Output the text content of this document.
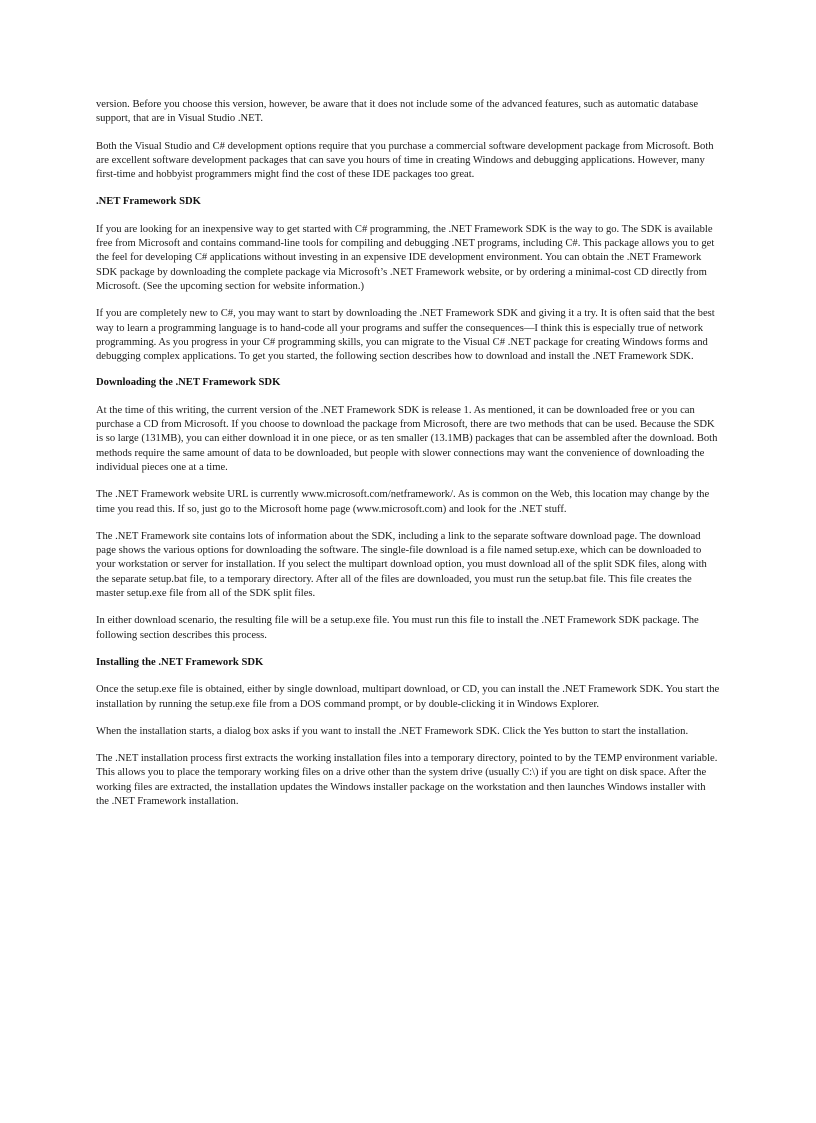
version. Before you choose this version, however, be aware that it does not include some of the advanced features, such as automatic database support, that are in Visual Studio .NET.

Both the Visual Studio and C# development options require that you purchase a commercial software development package from Microsoft. Both are excellent software development packages that can save you hours of time in creating Windows and debugging applications. However, many first-time and hobbyist programmers might find the cost of these IDE packages too great.

.NET Framework SDK

If you are looking for an inexpensive way to get started with C# programming, the .NET Framework SDK is the way to go. The SDK is available free from Microsoft and contains command-line tools for compiling and debugging .NET programs, including C#. This package allows you to get the feel for developing C# applications without investing in an expensive IDE development environment. You can obtain the .NET Framework SDK package by downloading the complete package via Microsoft’s .NET Framework website, or by ordering a minimal-cost CD directly from Microsoft. (See the upcoming section for website information.)

If you are completely new to C#, you may want to start by downloading the .NET Framework SDK and giving it a try. It is often said that the best way to learn a programming language is to hand-code all your programs and suffer the consequences—I think this is especially true of network programming. As you progress in your C# programming skills, you can migrate to the Visual C# .NET package for creating Windows forms and debugging complex applications. To get you started, the following section describes how to download and install the .NET Framework SDK.

Downloading the .NET Framework SDK

At the time of this writing, the current version of the .NET Framework SDK is release 1. As mentioned, it can be downloaded free or you can purchase a CD from Microsoft. If you choose to download the package from Microsoft, there are two methods that can be used. Because the SDK is so large (131MB), you can either download it in one piece, or as ten smaller (13.1MB) packages that can be assembled after the download. Both methods require the same amount of data to be downloaded, but people with slower connections may want the convenience of downloading the individual pieces one at a time.

The .NET Framework website URL is currently www.microsoft.com/netframework/. As is common on the Web, this location may change by the time you read this. If so, just go to the Microsoft home page (www.microsoft.com) and look for the .NET stuff.

The .NET Framework site contains lots of information about the SDK, including a link to the separate software download page. The download page shows the various options for downloading the software. The single-file download is a file named setup.exe, which can be downloaded to your workstation or server for installation. If you select the multipart download option, you must download all of the split SDK files, along with the separate setup.bat file, to a temporary directory. After all of the files are downloaded, you must run the setup.bat file. This file creates the master setup.exe file from all of the SDK split files.

In either download scenario, the resulting file will be a setup.exe file. You must run this file to install the .NET Framework SDK package. The following section describes this process.

Installing the .NET Framework SDK

Once the setup.exe file is obtained, either by single download, multipart download, or CD, you can install the .NET Framework SDK. You start the installation by running the setup.exe file from a DOS command prompt, or by double-clicking it in Windows Explorer.

When the installation starts, a dialog box asks if you want to install the .NET Framework SDK. Click the Yes button to start the installation.

The .NET installation process first extracts the working installation files into a temporary directory, pointed to by the TEMP environment variable. This allows you to place the temporary working files on a drive other than the system drive (usually C:\) if you are tight on disk space. After the working files are extracted, the installation updates the Windows installer package on the workstation and then launches Windows installer with the .NET Framework installation.
